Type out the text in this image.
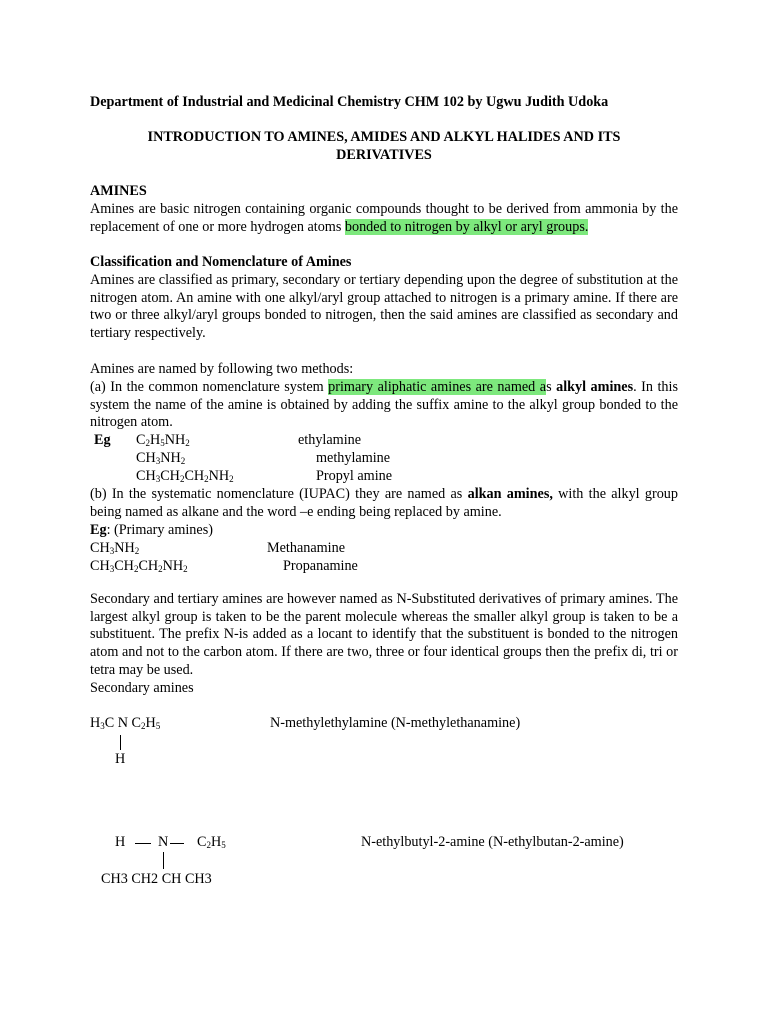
Department of Industrial and Medicinal Chemistry CHM 102 by Ugwu Judith Udoka
INTRODUCTION TO AMINES, AMIDES AND ALKYL HALIDES AND ITS
DERIVATIVES
AMINES
Amines are basic nitrogen containing organic compounds thought to be derived from ammonia by the replacement of one or more hydrogen atoms bonded to nitrogen by alkyl or aryl groups.
Classification and Nomenclature of Amines
Amines are classified as primary, secondary or tertiary depending upon the degree of substitution at the nitrogen atom. An amine with one alkyl/aryl group attached to nitrogen is a primary amine. If there are two or three alkyl/aryl groups bonded to nitrogen, then the said amines are classified as secondary and tertiary respectively.
Amines are named by following two methods:
(a) In the common nomenclature system primary aliphatic amines are named as alkyl amines. In this system the name of the amine is obtained by adding the suffix amine to the alkyl group bonded to the nitrogen atom.
Eg $C_2H_5NH_2$	ethylamine
$CH_3NH_2$	methylamine
$CH_3CH_2CH_2NH_2$	Propyl amine
(b) In the systematic nomenclature (IUPAC) they are named as alkan amines, with the alkyl group being named as alkane and the word –e ending being replaced by amine.
Eg: (Primary amines)
$CH_3NH_2$	Methanamine
$CH_3CH_2CH_2NH_2$	Propanamine
Secondary and tertiary amines are however named as N-Substituted derivatives of primary amines. The largest alkyl group is taken to be the parent molecule whereas the smaller alkyl group is taken to be a substituent. The prefix N-is added as a locant to identify that the substituent is bonded to the nitrogen atom and not to the carbon atom. If there are two, three or four identical groups then the prefix di, tri or tetra may be used.
Secondary amines
$H_3C$ N $C_2H_5$
H
N-methylethylamine (N-methylethanamine)
H N $C_2H_5$
CH3 CH2 CH CH3
N-ethylbutyl-2-amine (N-ethylbutan-2-amine)
